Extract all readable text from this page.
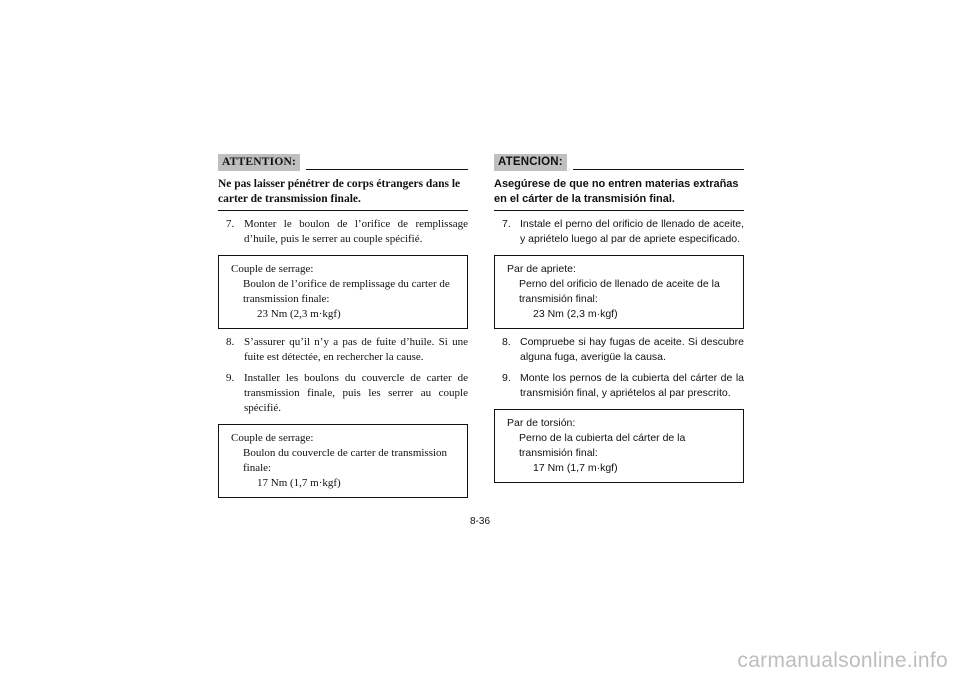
ATTENTION:
Ne pas laisser pénétrer de corps étrangers dans le carter de transmission finale.
7. Monter le boulon de l’orifice de remplissage d’huile, puis le serrer au couple spécifié.
Couple de serrage:
Boulon de l’orifice de remplissage du carter de transmission finale:
23 Nm (2,3 m·kgf)
8. S’assurer qu’il n’y a pas de fuite d’huile. Si une fuite est détectée, en rechercher la cause.
9. Installer les boulons du couvercle de carter de transmission finale, puis les serrer au couple spécifié.
Couple de serrage:
Boulon du couvercle de carter de transmission finale:
17 Nm (1,7 m·kgf)
ATENCION:
Asegúrese de que no entren materias extrañas en el cárter de la transmisión final.
7. Instale el perno del orificio de llenado de aceite, y apriételo luego al par de apriete especificado.
Par de apriete:
Perno del orificio de llenado de aceite de la transmisión final:
23 Nm (2,3 m·kgf)
8. Compruebe si hay fugas de aceite. Si descubre alguna fuga, averigüe la causa.
9. Monte los pernos de la cubierta del cárter de la transmisión final, y apriételos al par prescrito.
Par de torsión:
Perno de la cubierta del cárter de la transmisión final:
17 Nm (1,7 m·kgf)
8-36
carmanualsonline.info
